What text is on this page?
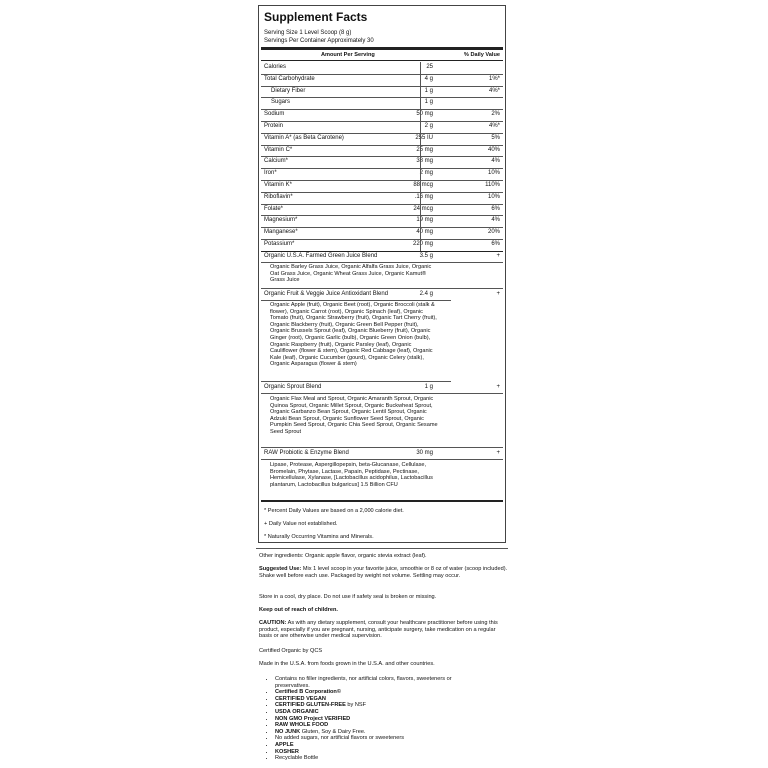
Supplement Facts
Serving Size 1 Level Scoop (8 g)
Servings Per Container Approximately 30
Amount Per Serving	% Daily Value
Calories	25
Total Carbohydrate	4 g	1%*
Dietary Fiber	1 g	4%*
Sugars	1 g
Sodium	50 mg	2%
Protein	2 g	4%*
Vitamin A* (as Beta Carotene)	255 IU	5%
Vitamin C*	25 mg	40%
Calcium*	38 mg	4%
Iron*	2 mg	10%
Vitamin K*	88 mcg	110%
Riboflavin*	.16 mg	10%
Folate*	24 mcg	6%
Magnesium*	19 mg	4%
Manganese*	40 mg	20%
Potassium*	220 mg	6%
Organic U.S.A. Farmed Green Juice Blend	3.5 g	+
Organic Barley Grass Juice, Organic Alfalfa Grass Juice, Organic Oat Grass Juice, Organic Wheat Grass Juice, Organic Kamut® Grass Juice
Organic Fruit & Veggie Juice Antioxidant Blend	2.4 g	+
Organic Apple (fruit), Organic Beet (root), Organic Broccoli (stalk & flower), Organic Carrot (root), Organic Spinach (leaf), Organic Tomato (fruit), Organic Strawberry (fruit), Organic Tart Cherry (fruit), Organic Blackberry (fruit), Organic Green Bell Pepper (fruit), Organic Brussels Sprout (leaf), Organic Blueberry (fruit), Organic Ginger (root), Organic Garlic (bulb), Organic Green Onion (bulb), Organic Raspberry (fruit), Organic Parsley (leaf), Organic Cauliflower (flower & stem), Organic Red Cabbage (leaf), Organic Kale (leaf), Organic Cucumber (gourd), Organic Celery (stalk), Organic Asparagus (flower & stem)
Organic Sprout Blend	1 g	+
Organic Flax Meal and Sprout, Organic Amaranth Sprout, Organic Quinoa Sprout, Organic Millet Sprout, Organic Buckwheat Sprout, Organic Garbanzo Bean Sprout, Organic Lentil Sprout, Organic Adzuki Bean Sprout, Organic Sunflower Seed Sprout, Organic Pumpkin Seed Sprout, Organic Chia Seed Sprout, Organic Sesame Seed Sprout
RAW Probiotic & Enzyme Blend	30 mg	+
Lipase, Protease, Aspergillopepsin, beta-Glucanase, Cellulase, Bromelain, Phytase, Lactase, Papain, Peptidase, Pectinase, Hemicellulase, Xylanase, [Lactobacillus acidophilus, Lactobacillus plantarum, Lactobacillus bulgaricus] 1.5 Billion CFU
* Percent Daily Values are based on a 2,000 calorie diet.
+ Daily Value not established.
* Naturally Occurring Vitamins and Minerals.
Other ingredients: Organic apple flavor, organic stevia extract (leaf).
Suggested Use: Mix 1 level scoop in your favorite juice, smoothie or 8 oz of water (scoop included). Shake well before each use. Packaged by weight not volume. Settling may occur.
Store in a cool, dry place. Do not use if safety seal is broken or missing.
Keep out of reach of children.
CAUTION: As with any dietary supplement, consult your healthcare practitioner before using this product, especially if you are pregnant, nursing, anticipate surgery, take medication on a regular basis or are otherwise under medical supervision.
Certified Organic by QCS
Made in the U.S.A. from foods grown in the U.S.A. and other countries.
• Contains no filler ingredients, nor artificial colors, flavors, sweeteners or preservatives.
• Certified B Corporation©
• CERTIFIED VEGAN
• CERTIFIED GLUTEN-FREE by NSF
• USDA ORGANIC
• NON GMO Project VERIFIED
• RAW WHOLE FOOD
• NO JUNK Gluten, Soy & Dairy Free.
• No added sugars, nor artificial flavors or sweeteners
• APPLE
• KOSHER
• Recyclable Bottle
